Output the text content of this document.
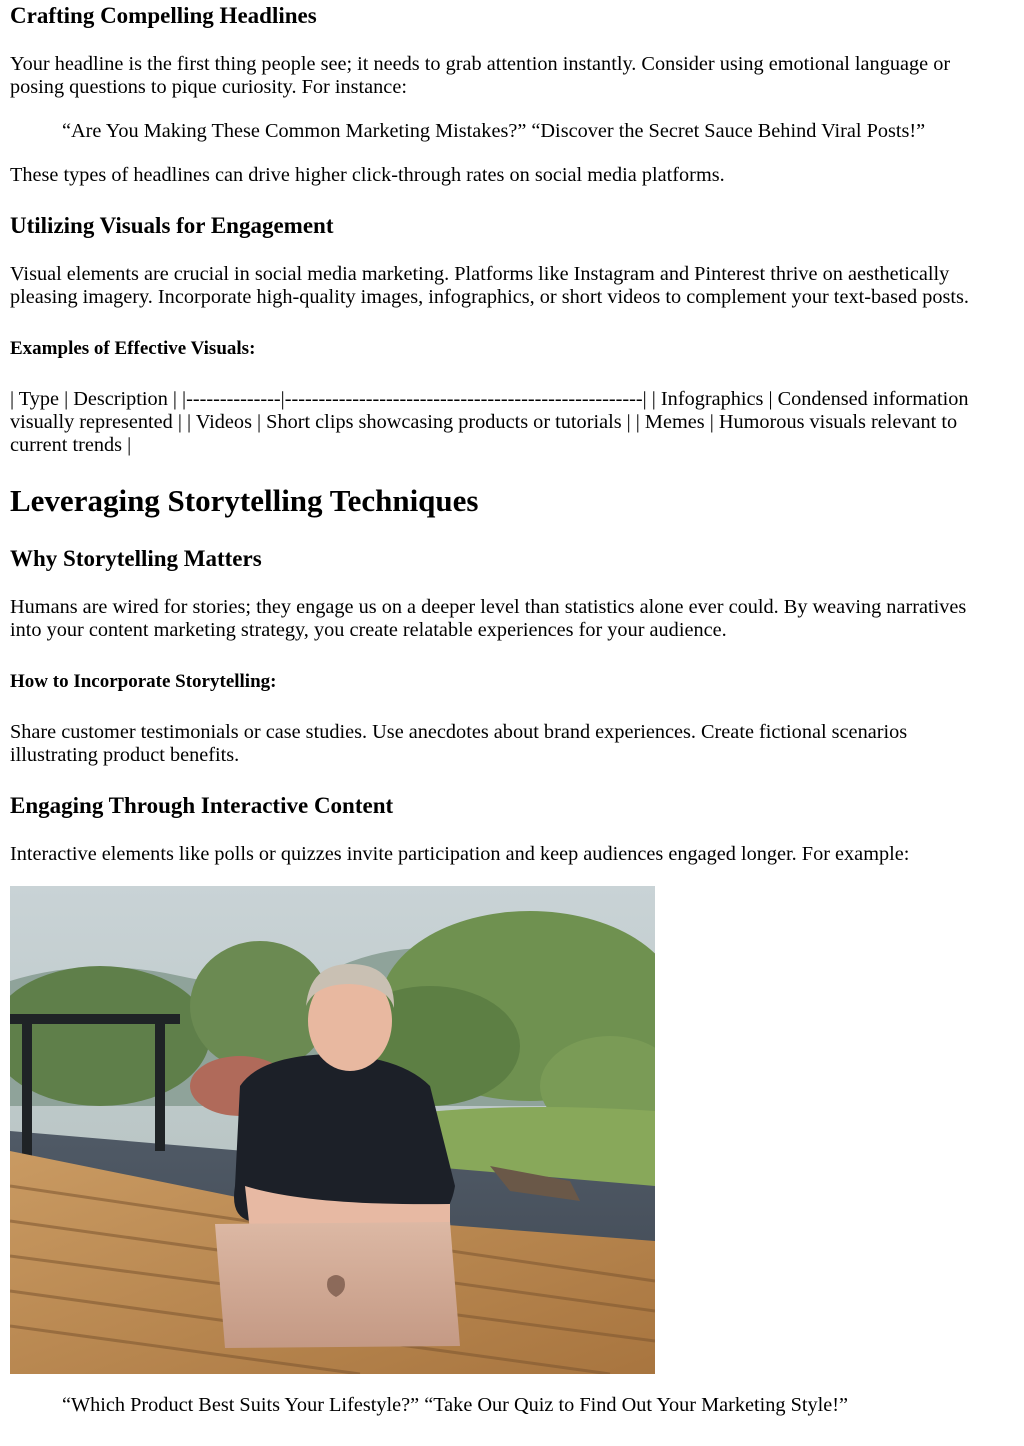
Crafting Compelling Headlines

Your headline is the first thing people see; it needs to grab attention instantly. Consider using emotional language or posing questions to pique curiosity. For instance:

“Are You Making These Common Marketing Mistakes?” “Discover the Secret Sauce Behind Viral Posts!”

These types of headlines can drive higher click-through rates on social media platforms.

Utilizing Visuals for Engagement

Visual elements are crucial in social media marketing. Platforms like Instagram and Pinterest thrive on aesthetically pleasing imagery. Incorporate high-quality images, infographics, or short videos to complement your text-based posts.

Examples of Effective Visuals:

| Type | Description | |--------------|-----------------------------------------------------| | Infographics | Condensed information visually represented | | Videos | Short clips showcasing products or tutorials | | Memes | Humorous visuals relevant to current trends |

Leveraging Storytelling Techniques
Why Storytelling Matters

Humans are wired for stories; they engage us on a deeper level than statistics alone ever could. By weaving narratives into your content marketing strategy, you create relatable experiences for your audience.

How to Incorporate Storytelling:

Share customer testimonials or case studies. Use anecdotes about brand experiences. Create fictional scenarios illustrating product benefits.

Engaging Through Interactive Content

Interactive elements like polls or quizzes invite participation and keep audiences engaged longer. For example:

“Which Product Best Suits Your Lifestyle?” “Take Our Quiz to Find Out Your Marketing Style!”
